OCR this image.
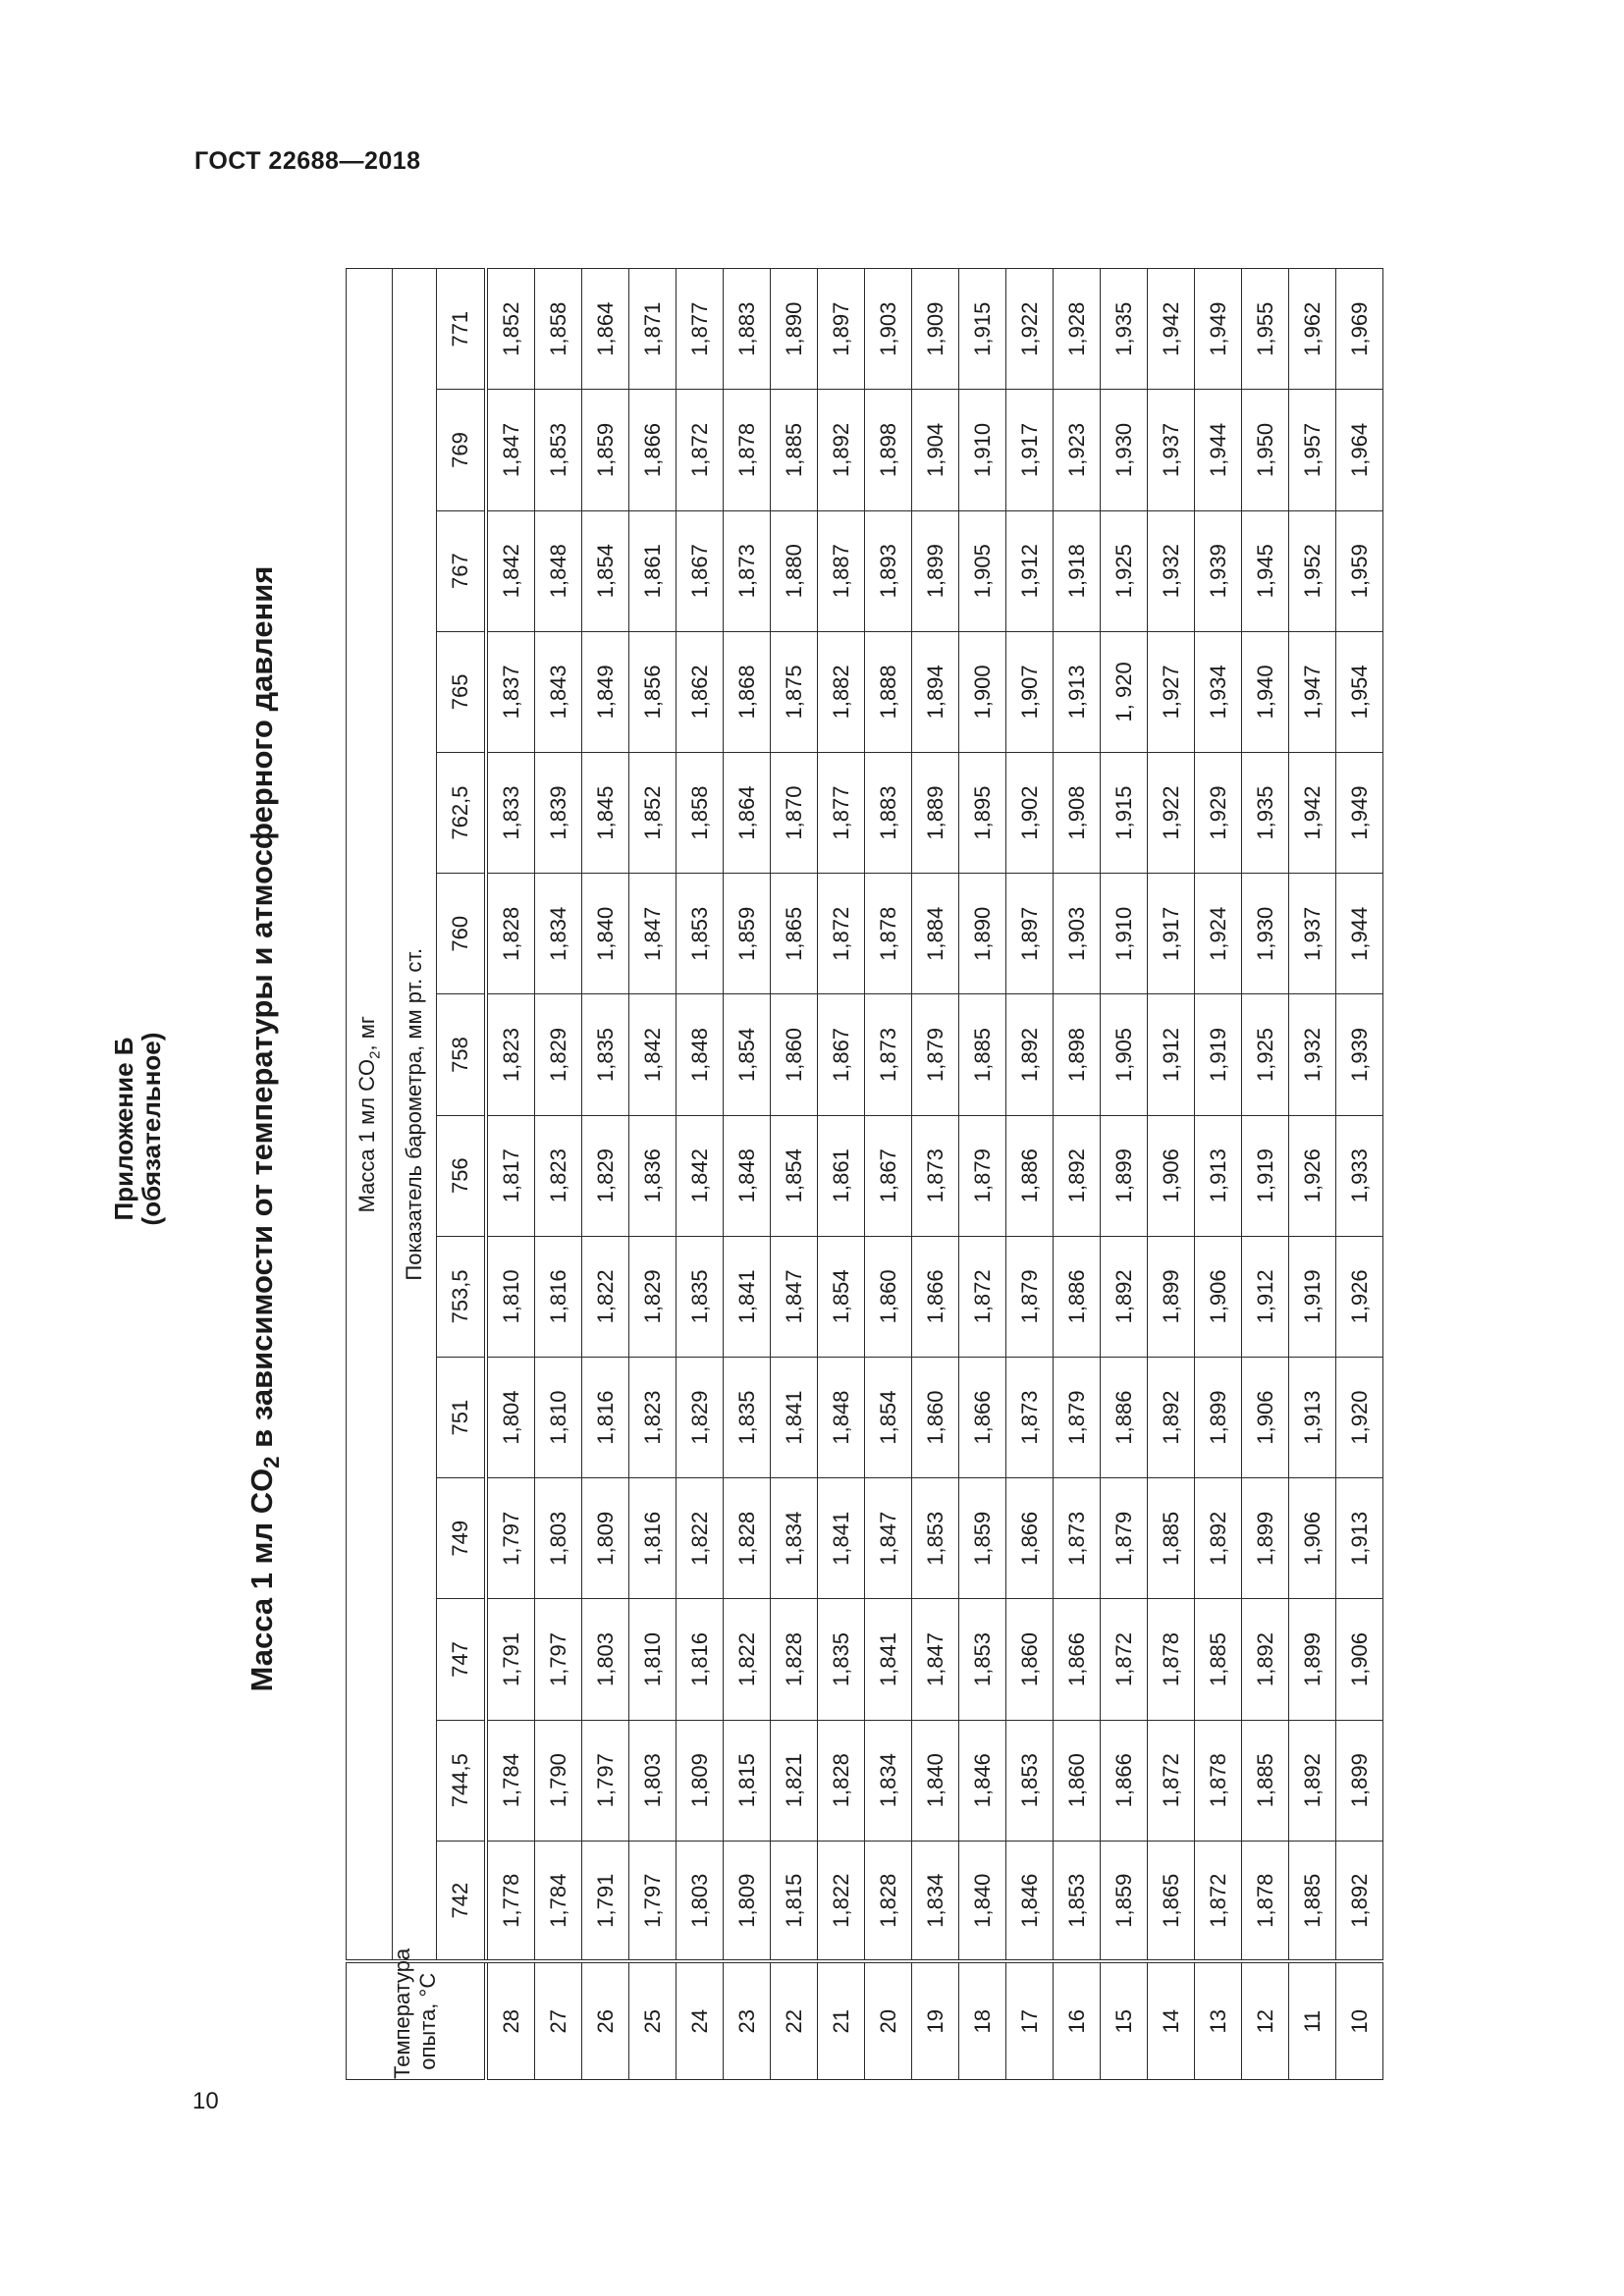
ГОСТ 22688—2018
Приложение Б
(обязательное)
Масса 1 мл $CO_2$ в зависимости от температуры и атмосферного давления
Температура опыта, °С	Масса 1 мл $CO_2$, мг													
	Показатель барометра, мм рт. ст.													
	742	744,5	747	749	751	753,5	756	758	760	762,5	765	767	769	771
28	1,778	1,784	1,791	1,797	1,804	1,810	1,817	1,823	1,828	1,833	1,837	1,842	1,847	1,852
27	1,784	1,790	1,797	1,803	1,810	1,816	1,823	1,829	1,834	1,839	1,843	1,848	1,853	1,858
26	1,791	1,797	1,803	1,809	1,816	1,822	1,829	1,835	1,840	1,845	1,849	1,854	1,859	1,864
25	1,797	1,803	1,810	1,816	1,823	1,829	1,836	1,842	1,847	1,852	1,856	1,861	1,866	1,871
24	1,803	1,809	1,816	1,822	1,829	1,835	1,842	1,848	1,853	1,858	1,862	1,867	1,872	1,877
23	1,809	1,815	1,822	1,828	1,835	1,841	1,848	1,854	1,859	1,864	1,868	1,873	1,878	1,883
22	1,815	1,821	1,828	1,834	1,841	1,847	1,854	1,860	1,865	1,870	1,875	1,880	1,885	1,890
21	1,822	1,828	1,835	1,841	1,848	1,854	1,861	1,867	1,872	1,877	1,882	1,887	1,892	1,897
20	1,828	1,834	1,841	1,847	1,854	1,860	1,867	1,873	1,878	1,883	1,888	1,893	1,898	1,903
19	1,834	1,840	1,847	1,853	1,860	1,866	1,873	1,879	1,884	1,889	1,894	1,899	1,904	1,909
18	1,840	1,846	1,853	1,859	1,866	1,872	1,879	1,885	1,890	1,895	1,900	1,905	1,910	1,915
17	1,846	1,853	1,860	1,866	1,873	1,879	1,886	1,892	1,897	1,902	1,907	1,912	1,917	1,922
16	1,853	1,860	1,866	1,873	1,879	1,886	1,892	1,898	1,903	1,908	1,913	1,918	1,923	1,928
15	1,859	1,866	1,872	1,879	1,886	1,892	1,899	1,905	1,910	1,915	1, 920	1,925	1,930	1,935
14	1,865	1,872	1,878	1,885	1,892	1,899	1,906	1,912	1,917	1,922	1,927	1,932	1,937	1,942
13	1,872	1,878	1,885	1,892	1,899	1,906	1,913	1,919	1,924	1,929	1,934	1,939	1,944	1,949
12	1,878	1,885	1,892	1,899	1,906	1,912	1,919	1,925	1,930	1,935	1,940	1,945	1,950	1,955
11	1,885	1,892	1,899	1,906	1,913	1,919	1,926	1,932	1,937	1,942	1,947	1,952	1,957	1,962
10	1,892	1,899	1,906	1,913	1,920	1,926	1,933	1,939	1,944	1,949	1,954	1,959	1,964	1,969
10
